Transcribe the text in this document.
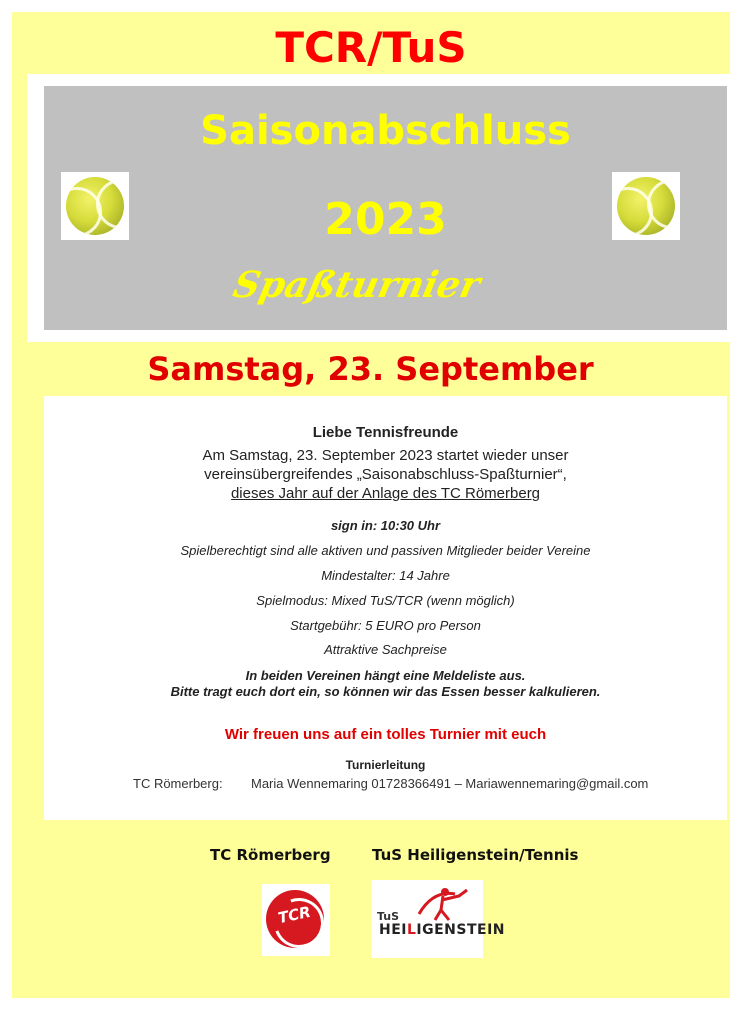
TCR/TuS
Saisonabschluss
2023
Spaßturnier
Samstag, 23. September
Liebe Tennisfreunde
Am Samstag, 23. September 2023 startet wieder unser
vereinsübergreifendes „Saisonabschluss-Spaßturnier“,
dieses Jahr auf der Anlage des TC Römerberg
sign in: 10:30 Uhr
Spielberechtigt sind alle aktiven und passiven Mitglieder beider Vereine
Mindestalter: 14 Jahre
Spielmodus: Mixed TuS/TCR (wenn möglich)
Startgebühr: 5 EURO pro Person
Attraktive Sachpreise
In beiden Vereinen hängt eine Meldeliste aus.
Bitte tragt euch dort ein, so können wir das Essen besser kalkulieren.
Wir freuen uns auf ein tolles Turnier mit euch
Turnierleitung
TC Römerberg: Maria Wennemaring 01728366491 – Mariawennemaring@gmail.com
TC Römerberg	TuS Heiligenstein/Tennis
TCR	TuS
HEILIGENSTEIN
